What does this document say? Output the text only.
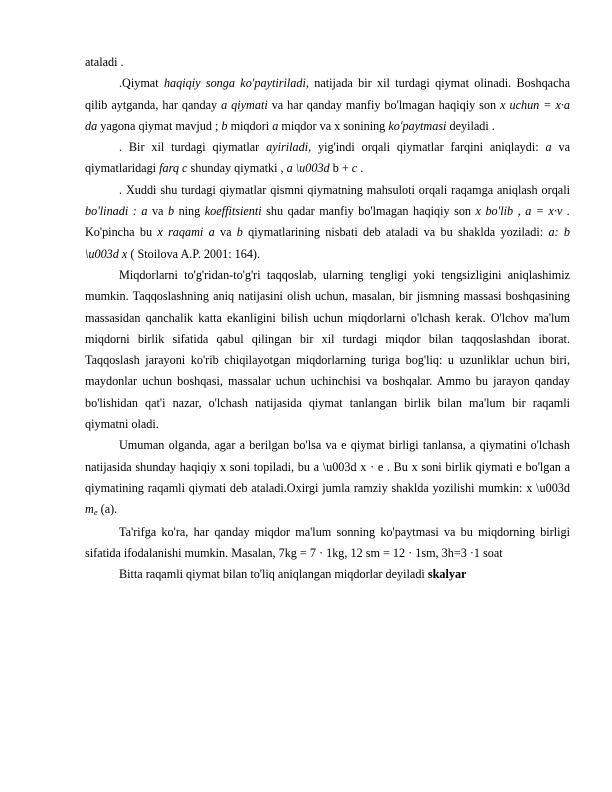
ataladi .

.Qiymat haqiqiy songa ko'paytiriladi, natijada bir xil turdagi qiymat olinadi. Boshqacha qilib aytganda, har qanday a qiymati va har qanday manfiy bo'lmagan haqiqiy son x uchun = x·a da yagona qiymat mavjud ; b miqdori a miqdor va x sonining ko'paytmasi deyiladi .

. Bir xil turdagi qiymatlar ayiriladi, yig'indi orqali qiymatlar farqini aniqlaydi: a va qiymatlaridagi farq c shunday qiymatki , a \u003d b + c .

. Xuddi shu turdagi qiymatlar qismni qiymatning mahsuloti orqali raqamga aniqlash orqali bo'linadi : a va b ning koeffitsienti shu qadar manfiy bo'lmagan haqiqiy son x bo'lib , a = x·v . Ko'pincha bu x raqami a va b qiymatlarining nisbati deb ataladi va bu shaklda yoziladi: a: b \u003d x ( Stoilova A.P. 2001: 164).

Miqdorlarni to'g'ridan-to'g'ri taqqoslab, ularning tengligi yoki tengsizligini aniqlashimiz mumkin. Taqqoslashning aniq natijasini olish uchun, masalan, bir jismning massasi boshqasining massasidan qanchalik katta ekanligini bilish uchun miqdorlarni o'lchash kerak. O'lchov ma'lum miqdorni birlik sifatida qabul qilingan bir xil turdagi miqdor bilan taqqoslashdan iborat. Taqqoslash jarayoni ko'rib chiqilayotgan miqdorlarning turiga bog'liq: u uzunliklar uchun biri, maydonlar uchun boshqasi, massalar uchun uchinchisi va boshqalar. Ammo bu jarayon qanday bo'lishidan qat'i nazar, o'lchash natijasida qiymat tanlangan birlik bilan ma'lum bir raqamli qiymatni oladi.

Umuman olganda, agar a berilgan bo'lsa va e qiymat birligi tanlansa, a qiymatini o'lchash natijasida shunday haqiqiy x soni topiladi, bu a \u003d x · e . Bu x soni birlik qiymati e bo'lgan a qiymatining raqamli qiymati deb ataladi.Oxirgi jumla ramziy shaklda yozilishi mumkin: x \u003d me (a).

Ta'rifga ko'ra, har qanday miqdor ma'lum sonning ko'paytmasi va bu miqdorning birligi sifatida ifodalanishi mumkin. Masalan, 7kg = 7 · 1kg, 12 sm = 12 · 1sm, 3h=3 ·1 soat

Bitta raqamli qiymat bilan to'liq aniqlangan miqdorlar deyiladi skalyar
